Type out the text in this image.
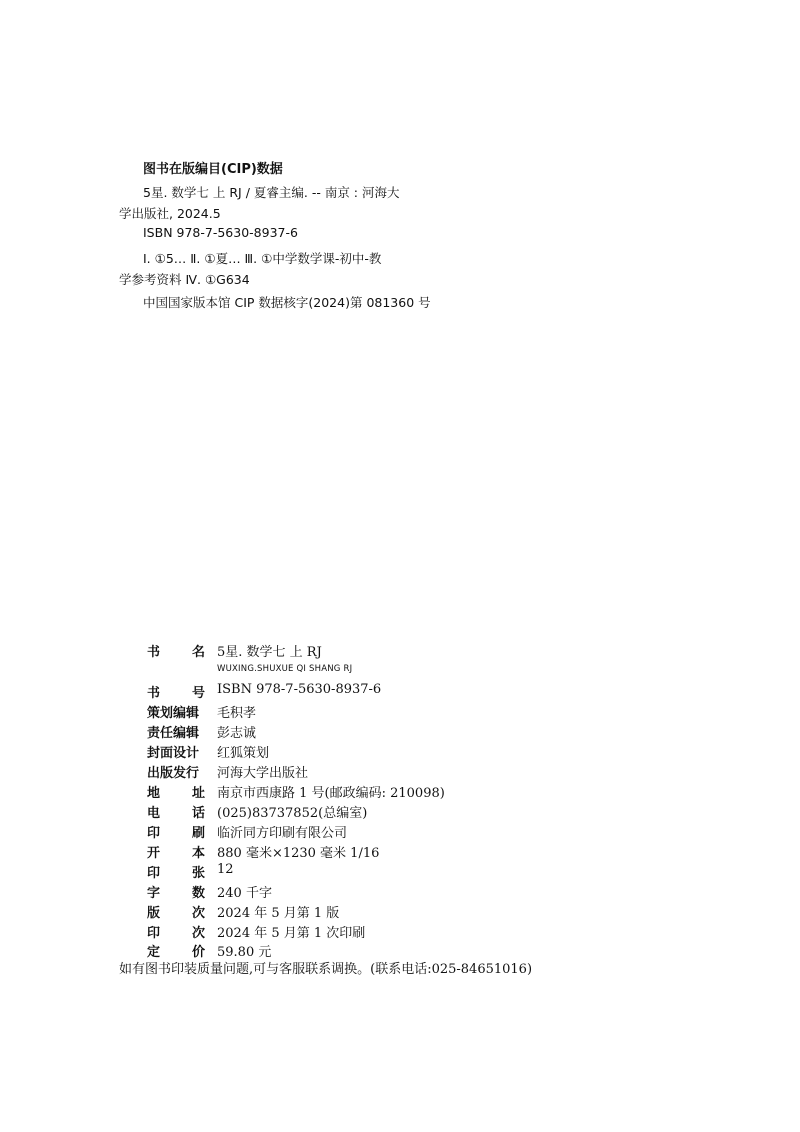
图书在版编目(CIP)数据
5星. 数学七 上 RJ / 夏睿主编. -- 南京 : 河海大
学出版社, 2024.5
ISBN 978-7-5630-8937-6
Ⅰ. ①5… Ⅱ. ①夏… Ⅲ. ①中学数学课-初中-教
学参考资料 Ⅳ. ①G634
中国国家版本馆 CIP 数据核字(2024)第 081360 号
书 名 5星. 数学七 上 RJ
WUXING.SHUXUE QI SHANG RJ
书 号 ISBN 978-7-5630-8937-6
策划编辑 毛积孝
责任编辑 彭志诚
封面设计 红狐策划
出版发行 河海大学出版社
地 址 南京市西康路 1 号(邮政编码: 210098)
电 话 (025)83737852(总编室)
印 刷 临沂同方印刷有限公司
开 本 880 毫米×1230 毫米 1/16
印 张 12
字 数 240 千字
版 次 2024 年 5 月第 1 版
印 次 2024 年 5 月第 1 次印刷
定 价 59.80 元
如有图书印装质量问题,可与客服联系调换。(联系电话:025-84651016)
